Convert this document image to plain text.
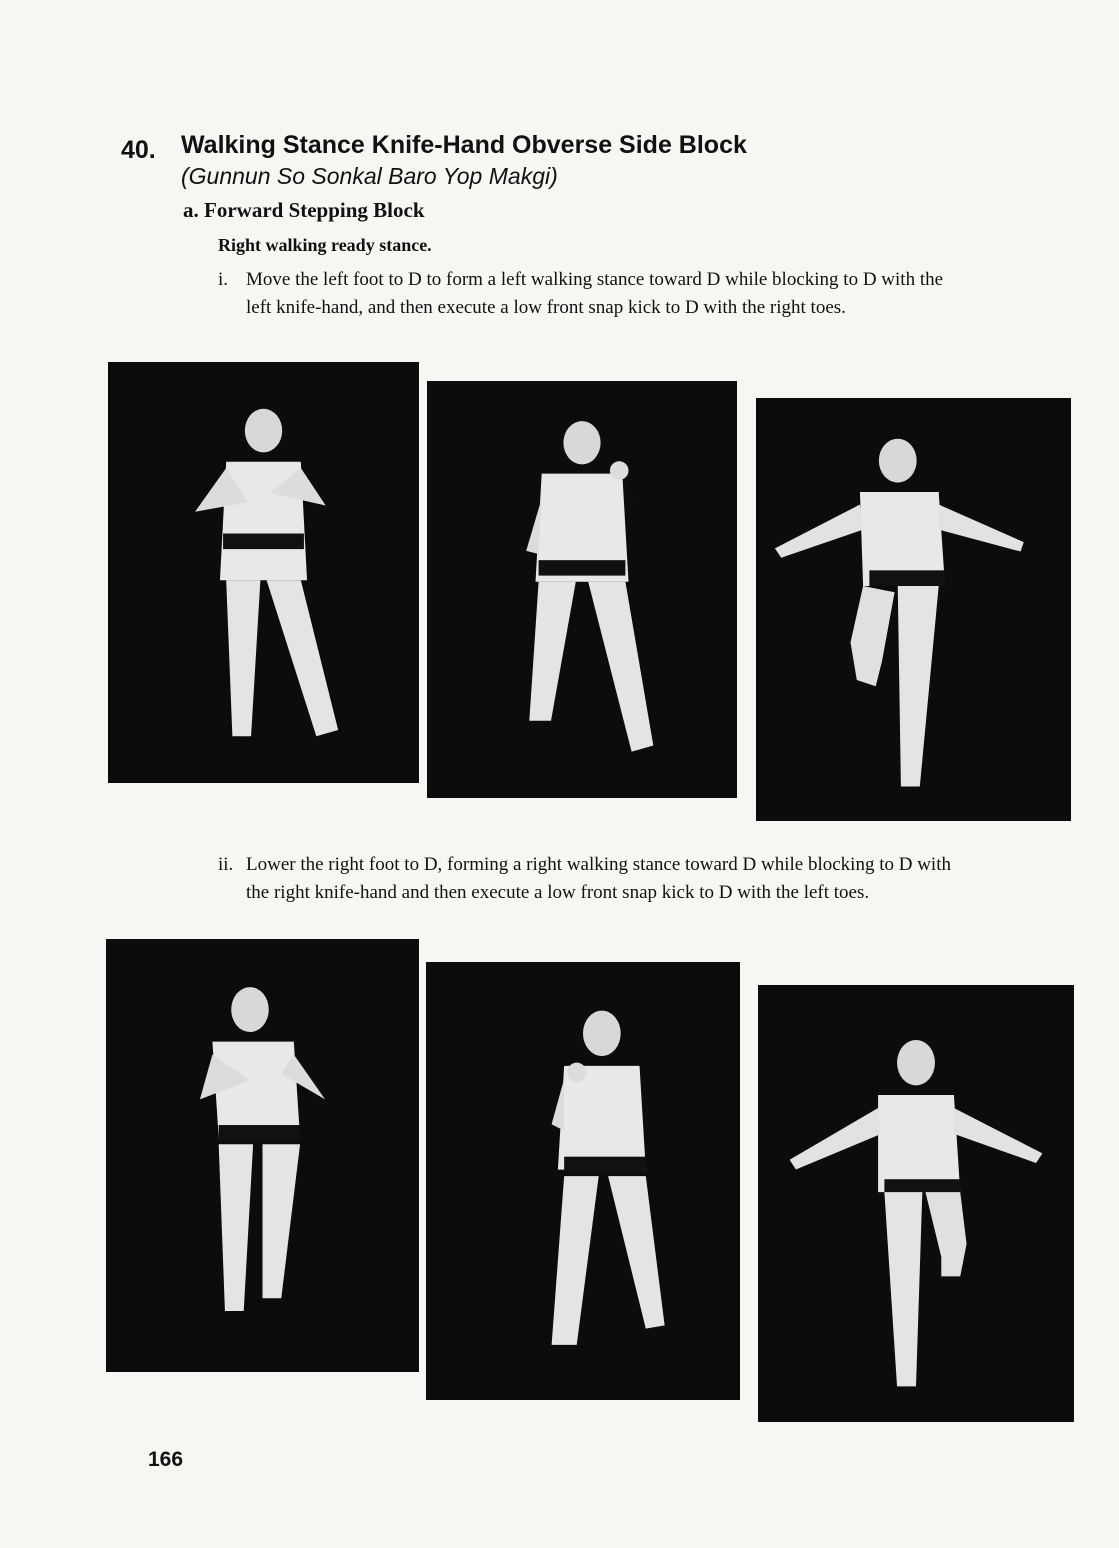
40. Walking Stance Knife-Hand Obverse Side Block
(Gunnun So Sonkal Baro Yop Makgi)
a. Forward Stepping Block
Right walking ready stance.
i. Move the left foot to D to form a left walking stance toward D while blocking to D with the left knife-hand, and then execute a low front snap kick to D with the right toes.
ii. Lower the right foot to D, forming a right walking stance toward D while blocking to D with the right knife-hand and then execute a low front snap kick to D with the left toes.
166
